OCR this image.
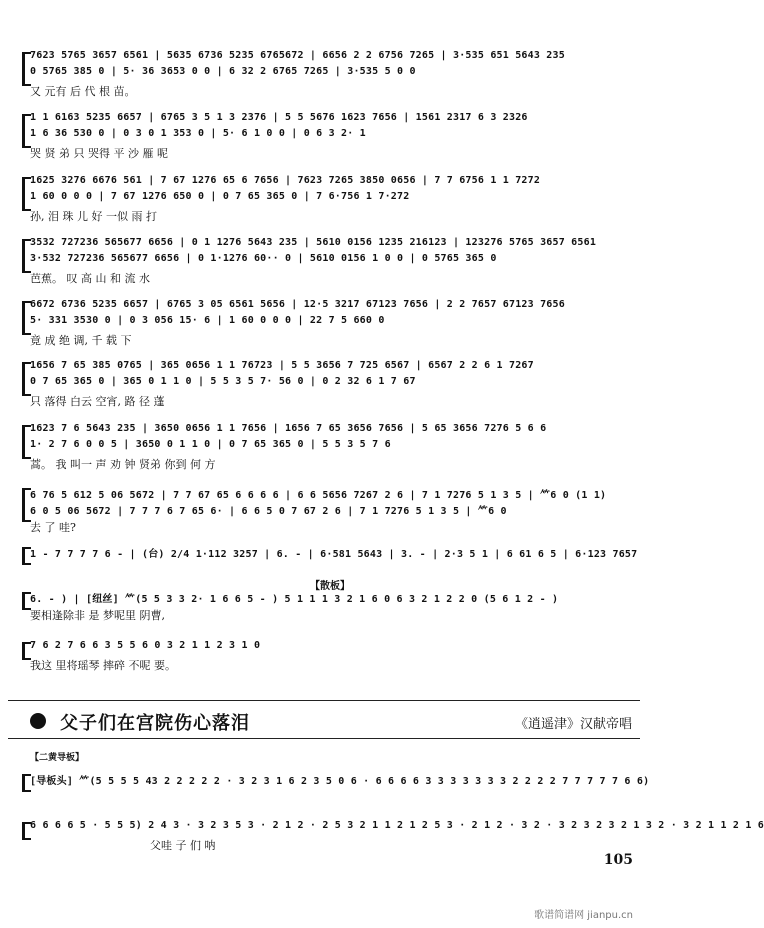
7623 5765 3657 6561 | 5635 6736 5235 6765672 | 6656 2 2 6756 7265 | 3·535 651 5643 235
0 5765 385 0 | 5· 36 3653 0 0 | 6 32 2 6765 7265 | 3·535 5 0 0
又 元有 后 代 根 苗。
1 1 6163 5235 6657 | 6765 3 5 1 3 2376 | 5 5 5676 1623 7656 | 1561 2317 6 3 2326
1 6 36 530 0 | 0 3 0 1 353 0 | 5· 6 1 0 0 | 0 6 3 2· 1
哭 贤 弟 只 哭得 平 沙 雁 呢
1625 3276 6676 561 | 7 67 1276 65 6 7656 | 7623 7265 3850 0656 | 7 7 6756 1 1 7272
1 60 0 0 0 | 7 67 1276 650 0 | 0 7 65 365 0 | 7 6·756 1 7·272
孙, 泪 珠 儿 好 一似 雨 打
3532 727236 565677 6656 | 0 1 1276 5643 235 | 5610 0156 1235 216123 | 123276 5765 3657 6561
3·532 727236 565677 6656 | 0 1·1276 60·· 0 | 5610 0156 1 0 0 | 0 5765 365 0
芭蕉。 叹 高 山 和 流 水
6672 6736 5235 6657 | 6765 3 05 6561 5656 | 12·5 3217 67123 7656 | 2 2 7657 67123 7656
5· 331 3530 0 | 0 3 056 15· 6 | 1 60 0 0 0 | 22 7 5 660 0
竟 成 绝 调, 千 载 下
1656 7 65 385 0765 | 365 0656 1 1 76723 | 5 5 3656 7 725 6567 | 6567 2 2 6 1 7267
0 7 65 365 0 | 365 0 1 1 0 | 5 5 3 5 7· 56 0 | 0 2 32 6 1 7 67
只 落得 白云 空宵, 路 径 蓬
1623 7 6 5643 235 | 3650 0656 1 1 7656 | 1656 7 65 3656 7656 | 5 65 3656 7276 5 6 6
1· 2 7 6 0 0 5 | 3650 0 1 1 0 | 0 7 65 365 0 | 5 5 3 5 7 6
蒿。 我 叫一 声 劝 钟 贤弟 你到 何 方
6 76 5 612 5 06 5672 | 7 7 67 65 6 6 6 6 | 6 6 5656 7267 2 6 | 7 1 7276 5 1 3 5 | ⺮6 0 (1 1)
6 0 5 06 5672 | 7 7 7 6 7 65 6· | 6 6 5 0 7 67 2 6 | 7 1 7276 5 1 3 5 | ⺮6 0
去 了 哇?
1 - 7 7 7 7 6 - | (台) 2/4 1·112 3257 | 6. - | 6·581 5643 | 3. - | 2·3 5 1 | 6 61 6 5 | 6·123 7657
6. - ) | [纽丝] ⺮(5 5 3 3 2· 1 6 6 5 - ) 5 1 1 1 3 2 1 6 0 6 3 2 1 2 2 0 (5 6 1 2 - )
要相逢除非 是 梦呢里 阴曹,
7 6 2 7 6 6 3 5 5 6 0 3 2 1 1 2 3 1 0
我这 里将瑶琴 摔碎 不呢 要。
【散板】
父子们在宫院伤心落泪	《逍遥津》汉献帝唱
【二黄导板】
[导板头] ⺮(5 5 5 5 43 2 2 2 2 2 · 3 2 3 1 6 2 3 5 0 6 · 6 6 6 6 3 3 3 3 3 3 3 2 2 2 2 7 7 7 7 7 6 6)
6 6 6 6 5 · 5 5 5) 2 4 3 · 3 2 3 5 3 · 2 1 2 · 2 5 3 2 1 1 2 1 2 5 3 · 2 1 2 · 3 2 · 3 2 3 2 3 2 1 3 2 · 3 2 1 1 2 1 6
父哇 子 们 呐
105
歌谱简谱网 jianpu.cn
